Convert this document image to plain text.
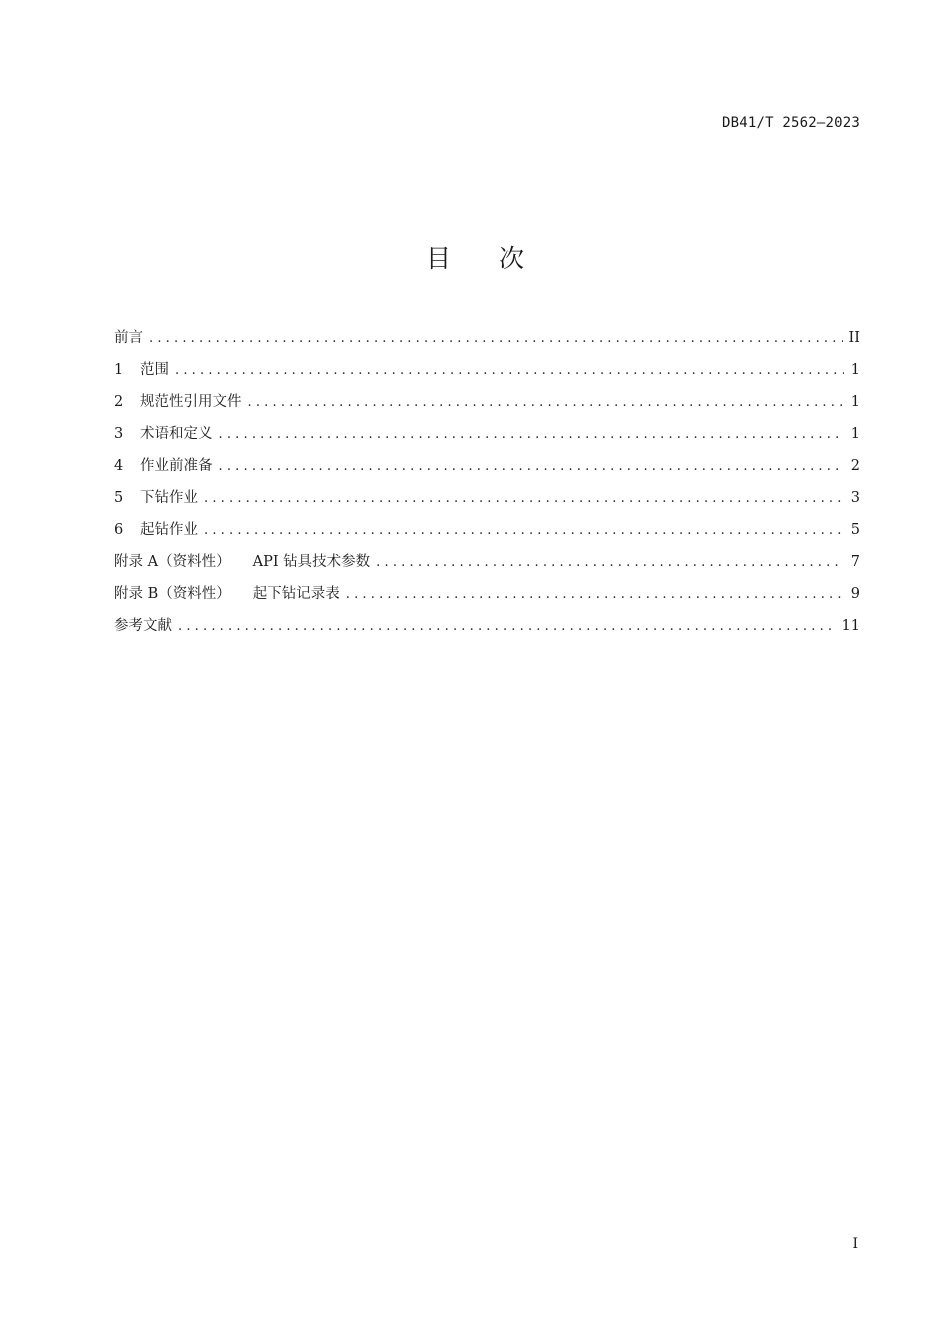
DB41/T 2562—2023
目次
前言 .....	II
1	范围 .....	1
2	规范性引用文件 .....	1
3	术语和定义 .....	1
4	作业前准备 .....	2
5	下钻作业 .....	3
6	起钻作业 .....	5
附录 A（资料性） API 钻具技术参数 .....	7
附录 B（资料性） 起下钻记录表 .....	9
参考文献 .....	11
I
